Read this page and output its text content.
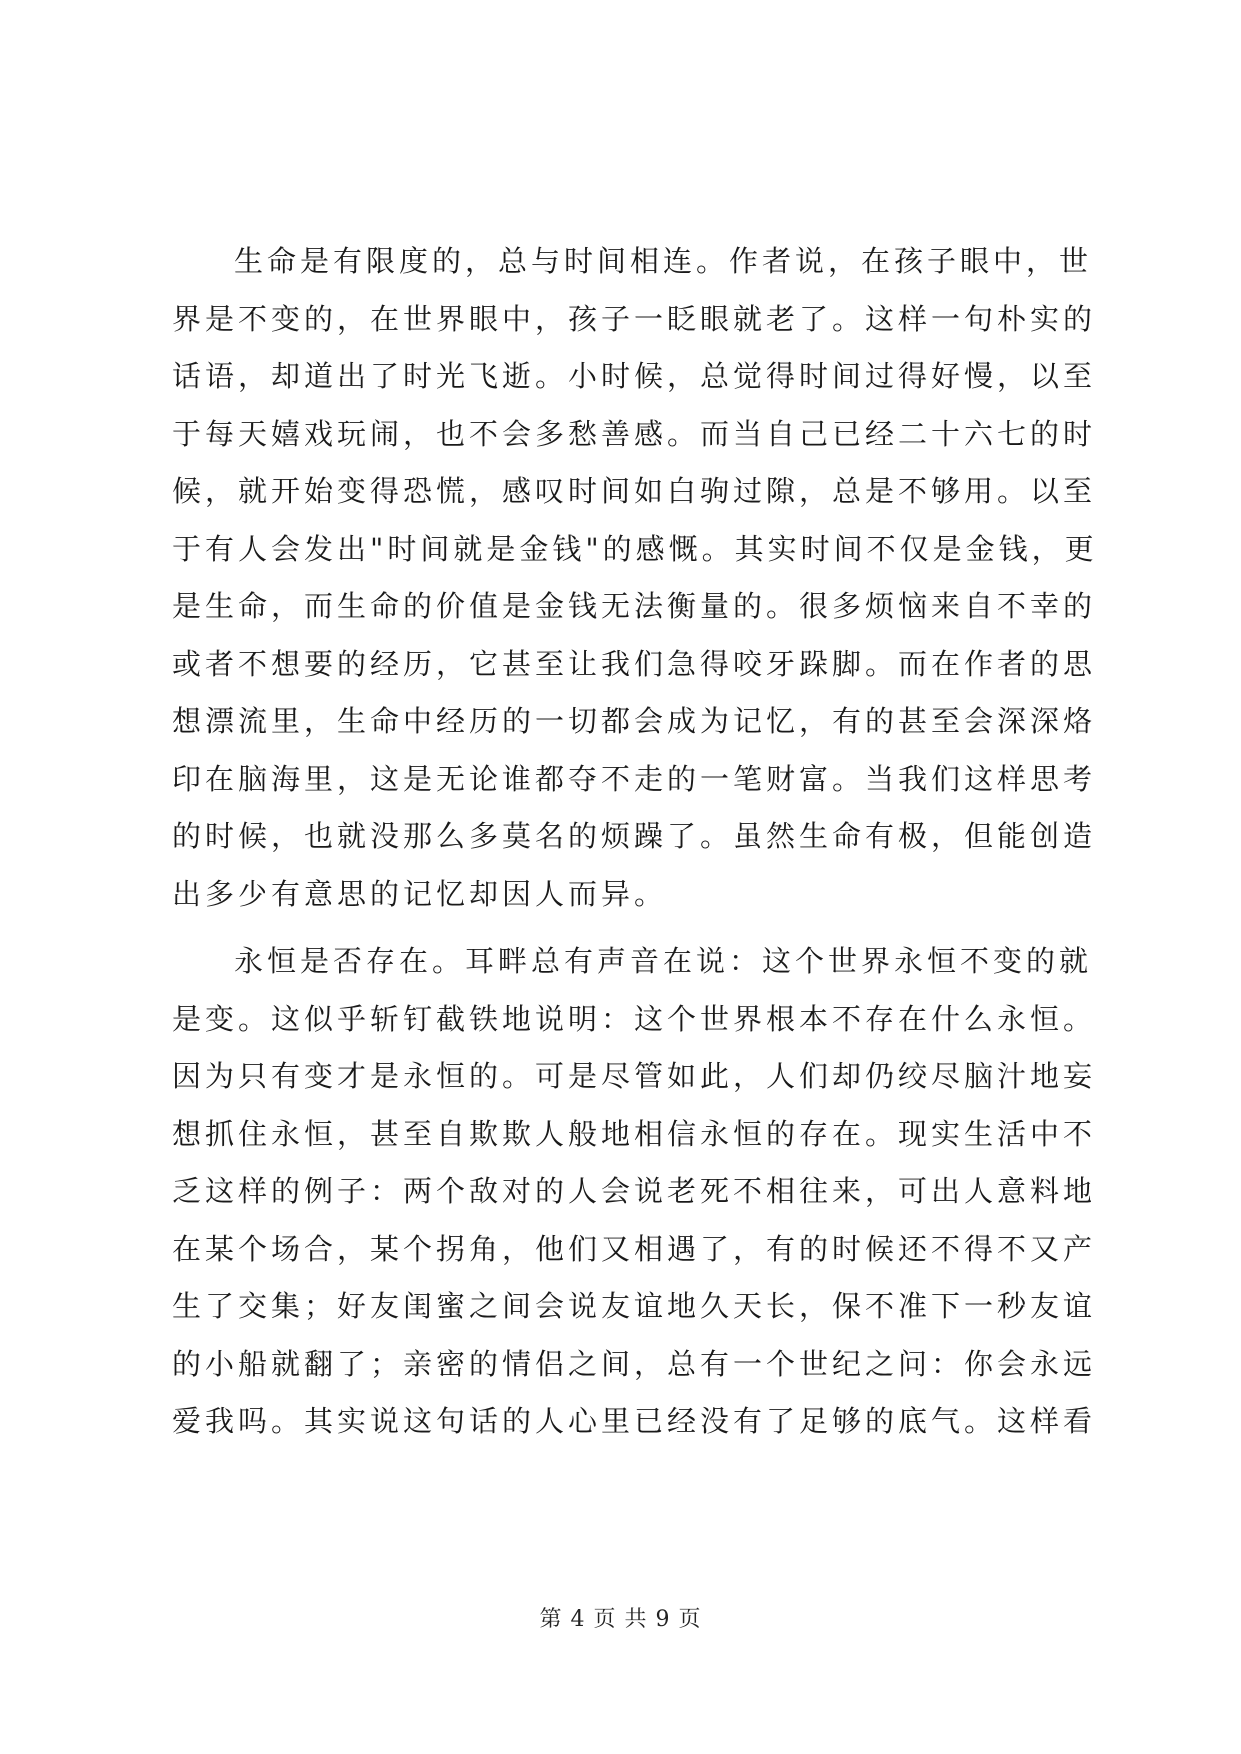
生命是有限度的，总与时间相连。作者说，在孩子眼中，世
界是不变的，在世界眼中，孩子一眨眼就老了。这样一句朴实的
话语，却道出了时光飞逝。小时候，总觉得时间过得好慢，以至
于每天嬉戏玩闹，也不会多愁善感。而当自己已经二十六七的时
候，就开始变得恐慌，感叹时间如白驹过隙，总是不够用。以至
于有人会发出"时间就是金钱"的感慨。其实时间不仅是金钱，更
是生命，而生命的价值是金钱无法衡量的。很多烦恼来自不幸的
或者不想要的经历，它甚至让我们急得咬牙跺脚。而在作者的思
想漂流里，生命中经历的一切都会成为记忆，有的甚至会深深烙
印在脑海里，这是无论谁都夺不走的一笔财富。当我们这样思考
的时候，也就没那么多莫名的烦躁了。虽然生命有极，但能创造
出多少有意思的记忆却因人而异。
永恒是否存在。耳畔总有声音在说：这个世界永恒不变的就
是变。这似乎斩钉截铁地说明：这个世界根本不存在什么永恒。
因为只有变才是永恒的。可是尽管如此，人们却仍绞尽脑汁地妄
想抓住永恒，甚至自欺欺人般地相信永恒的存在。现实生活中不
乏这样的例子：两个敌对的人会说老死不相往来，可出人意料地
在某个场合，某个拐角，他们又相遇了，有的时候还不得不又产
生了交集；好友闺蜜之间会说友谊地久天长，保不准下一秒友谊
的小船就翻了；亲密的情侣之间，总有一个世纪之问：你会永远
爱我吗。其实说这句话的人心里已经没有了足够的底气。这样看
第 4 页 共 9 页
